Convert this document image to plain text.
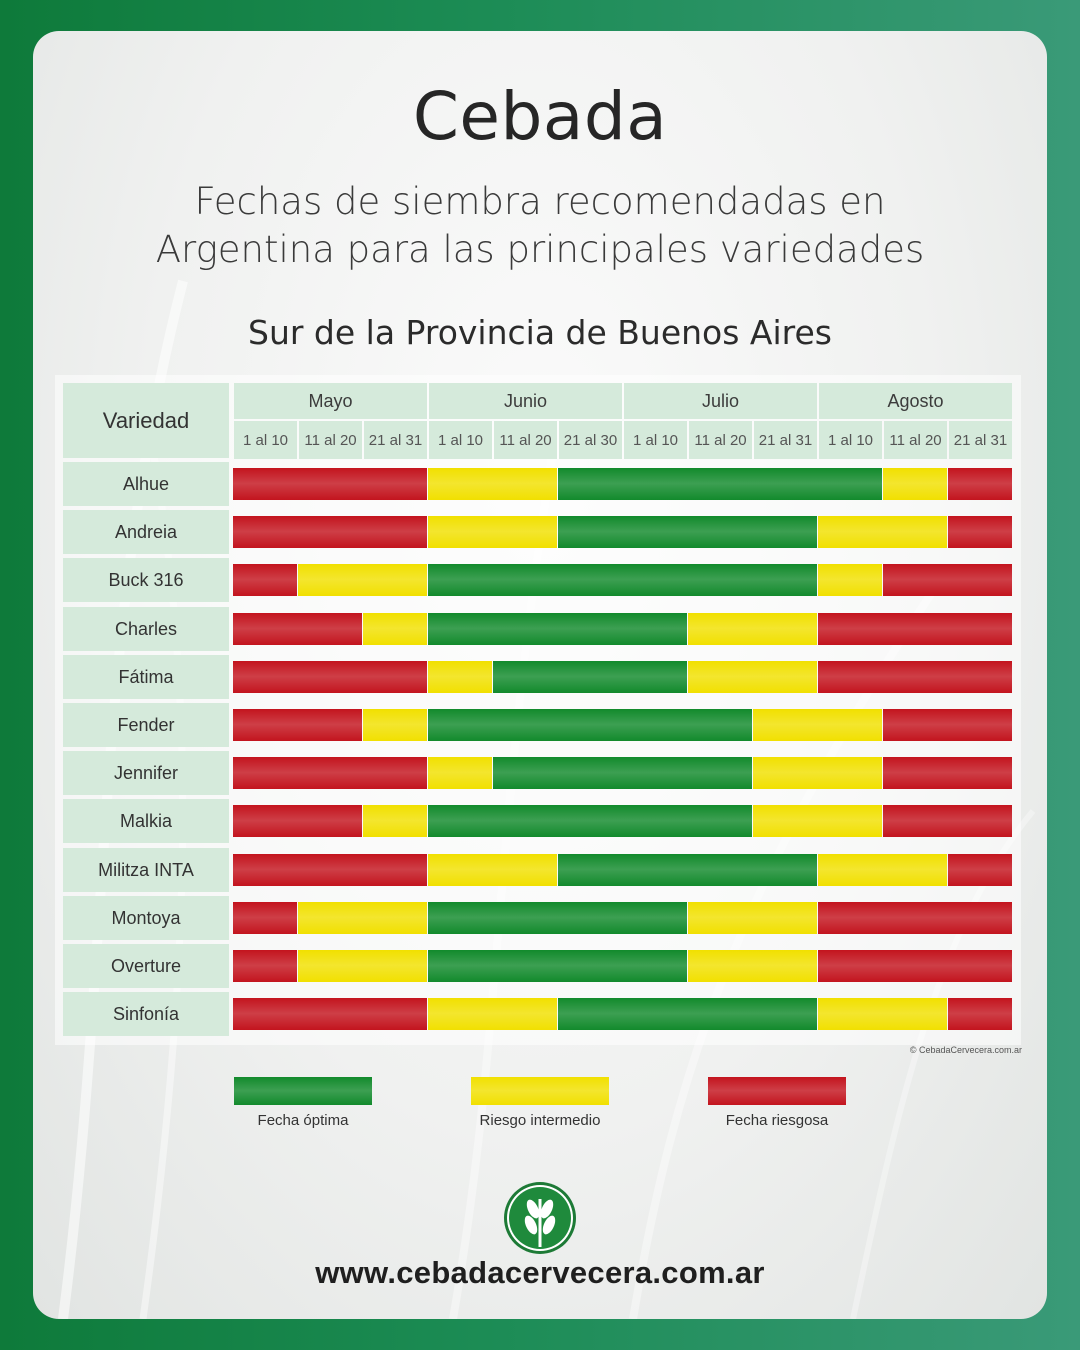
Cebada
Fechas de siembra recomendadas en
Argentina para las principales variedades
Sur de la Provincia de Buenos Aires
Variedad
Mayo	Junio	Julio	Agosto
1 al 10	11 al 20 21 al 31	1 al 10	11 al 20 21 al 30	1 al 10	11 al 20 21 al 31	1 al 10	11 al 20 21 al 31
Alhue
Andreia
Buck 316
Charles
Fátima
Fender
Jennifer
Malkia
Militza INTA
Montoya
Overture
Sinfonía
© CebadaCervecera.com.ar
Fecha óptima	Riesgo intermedio	Fecha riesgosa
www.cebadacervecera.com.ar
